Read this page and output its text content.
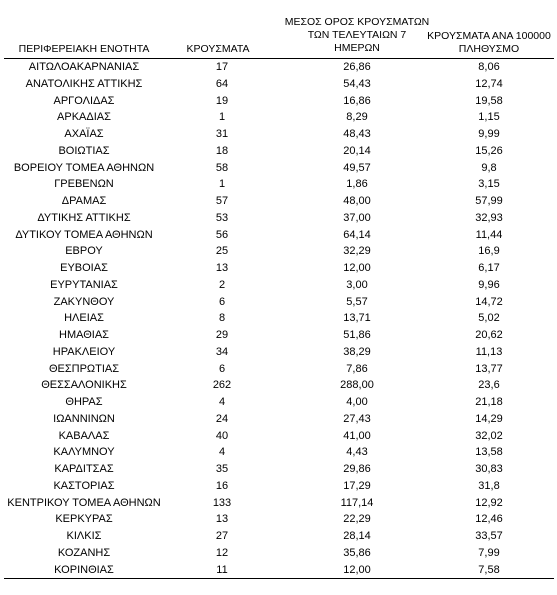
ΠΕΡΙΦΕΡΕΙΑΚΗ ΕΝΟΤΗΤΑ	ΚΡΟΥΣΜΑΤΑ
ΜΕΣΟΣ ΟΡΟΣ ΚΡΟΥΣΜΑΤΩΝ
ΤΩΝ ΤΕΛΕΥΤΑΙΩΝ 7
ΗΜΕΡΩΝ
ΚΡΟΥΣΜΑΤΑ ΑΝΑ 100000
ΠΛΗΘΥΣΜΟ
ΑΙΤΩΛΟΑΚΑΡΝΑΝΙΑΣ	17	26,86	8,06
ΑΝΑΤΟΛΙΚΗΣ ΑΤΤΙΚΗΣ	64	54,43	12,74
ΑΡΓΟΛΙΔΑΣ	19	16,86	19,58
ΑΡΚΑΔΙΑΣ	1	8,29	1,15
ΑΧΑΪΑΣ	31	48,43	9,99
ΒΟΙΩΤΙΑΣ	18	20,14	15,26
ΒΟΡΕΙΟΥ ΤΟΜΕΑ ΑΘΗΝΩΝ	58	49,57	9,8
ΓΡΕΒΕΝΩΝ	1	1,86	3,15
ΔΡΑΜΑΣ	57	48,00	57,99
ΔΥΤΙΚΗΣ ΑΤΤΙΚΗΣ	53	37,00	32,93
ΔΥΤΙΚΟΥ ΤΟΜΕΑ ΑΘΗΝΩΝ	56	64,14	11,44
ΕΒΡΟΥ	25	32,29	16,9
ΕΥΒΟΙΑΣ	13	12,00	6,17
ΕΥΡΥΤΑΝΙΑΣ	2	3,00	9,96
ΖΑΚΥΝΘΟΥ	6	5,57	14,72
ΗΛΕΙΑΣ	8	13,71	5,02
ΗΜΑΘΙΑΣ	29	51,86	20,62
ΗΡΑΚΛΕΙΟΥ	34	38,29	11,13
ΘΕΣΠΡΩΤΙΑΣ	6	7,86	13,77
ΘΕΣΣΑΛΟΝΙΚΗΣ	262	288,00	23,6
ΘΗΡΑΣ	4	4,00	21,18
ΙΩΑΝΝΙΝΩΝ	24	27,43	14,29
ΚΑΒΑΛΑΣ	40	41,00	32,02
ΚΑΛΥΜΝΟΥ	4	4,43	13,58
ΚΑΡΔΙΤΣΑΣ	35	29,86	30,83
ΚΑΣΤΟΡΙΑΣ	16	17,29	31,8
ΚΕΝΤΡΙΚΟΥ ΤΟΜΕΑ ΑΘΗΝΩΝ	133	117,14	12,92
ΚΕΡΚΥΡΑΣ	13	22,29	12,46
ΚΙΛΚΙΣ	27	28,14	33,57
ΚΟΖΑΝΗΣ	12	35,86	7,99
ΚΟΡΙΝΘΙΑΣ	11	12,00	7,58
